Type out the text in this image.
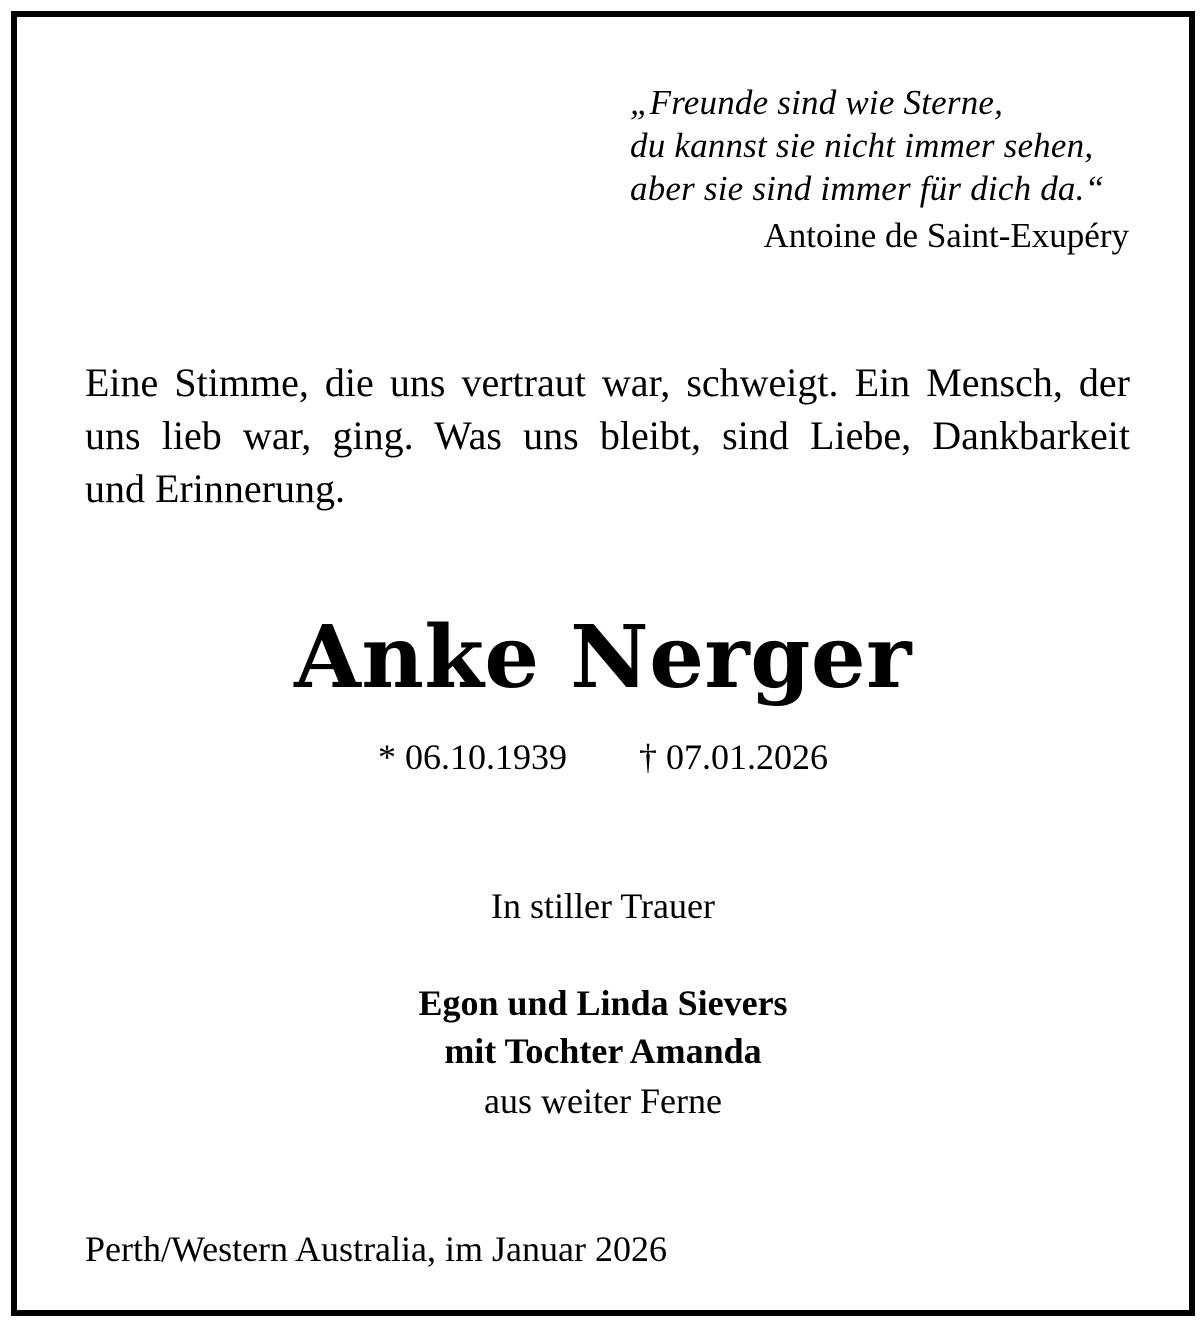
„Freunde sind wie Sterne,
du kannst sie nicht immer sehen,
aber sie sind immer für dich da.“
Antoine de Saint-Exupéry
Eine Stimme, die uns vertraut war, schweigt. Ein Mensch, der
uns lieb war, ging. Was uns bleibt, sind Liebe, Dankbarkeit
und Erinnerung.
Anke Nerger
* 06.10.1939 † 07.01.2026
In stiller Trauer
Egon und Linda Sievers
mit Tochter Amanda
aus weiter Ferne
Perth/Western Australia, im Januar 2026
